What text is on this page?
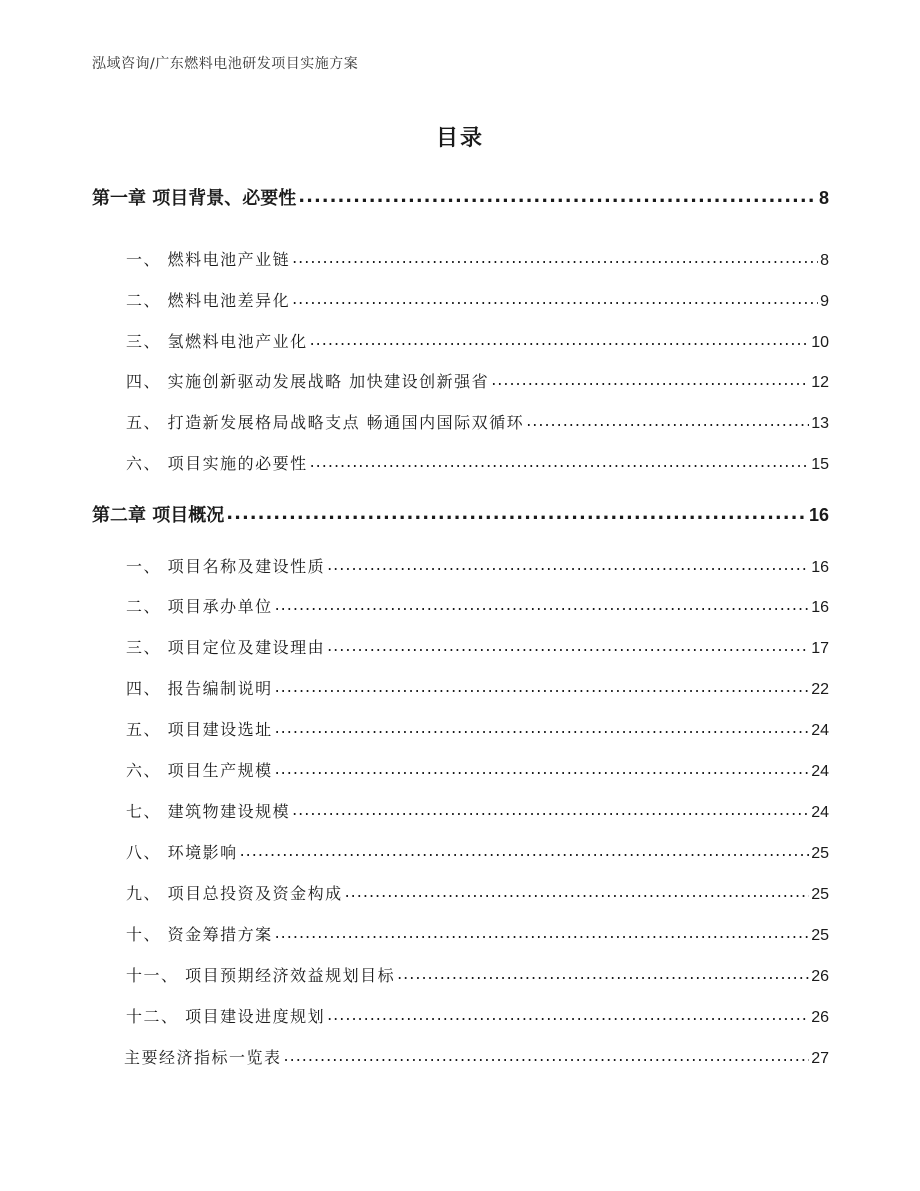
泓域咨询/广东燃料电池研发项目实施方案
目录
第一章 项目背景、必要性 .....	8
一、 燃料电池产业链 .....	8
二、 燃料电池差异化 .....	9
三、 氢燃料电池产业化 .....	10
四、 实施创新驱动发展战略 加快建设创新强省 .....	12
五、 打造新发展格局战略支点 畅通国内国际双循环 .....	13
六、 项目实施的必要性 .....	15
第二章 项目概况 .....	16
一、 项目名称及建设性质 .....	16
二、 项目承办单位 .....	16
三、 项目定位及建设理由 .....	17
四、 报告编制说明 .....	22
五、 项目建设选址 .....	24
六、 项目生产规模 .....	24
七、 建筑物建设规模 .....	24
八、 环境影响 .....	25
九、 项目总投资及资金构成 .....	25
十、 资金筹措方案 .....	25
十一、 项目预期经济效益规划目标 .....	26
十二、 项目建设进度规划 .....	26
主要经济指标一览表 .....	27
